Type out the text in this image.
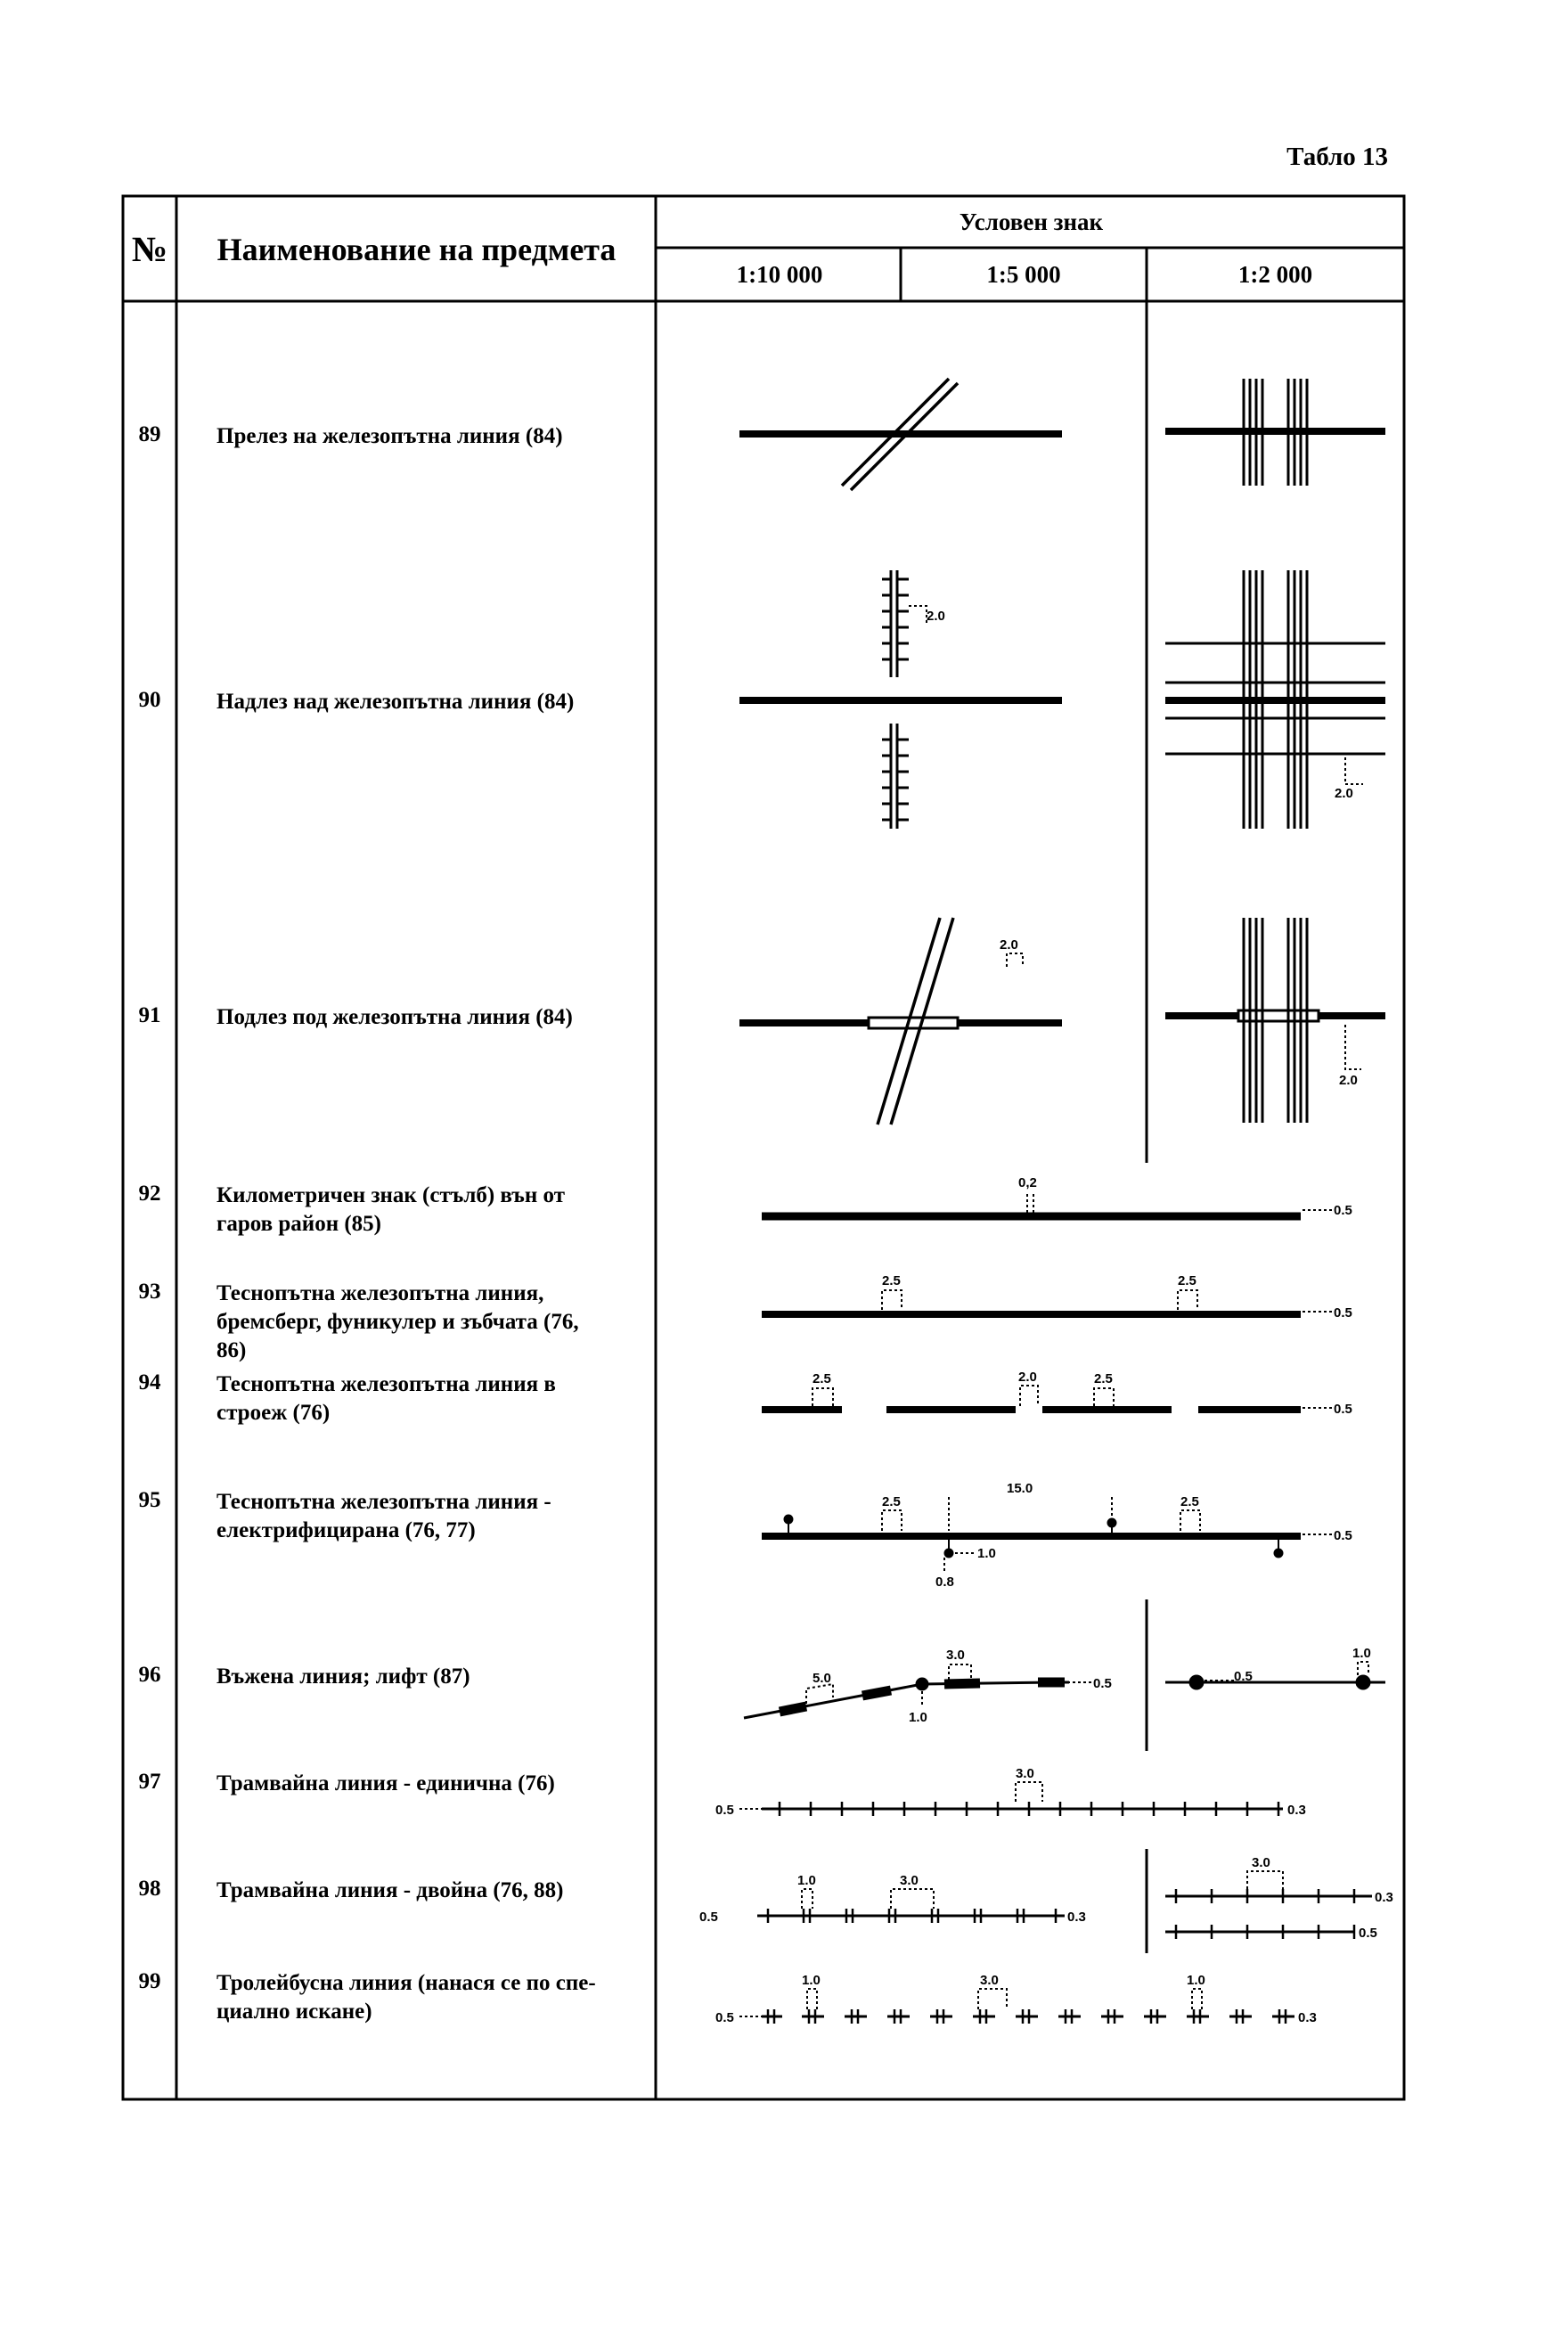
Табло 13
2.0
2.0
2.0
2.0
0,2
0.5
2.5	2.5
0.5
2.5	2.0	2.5
0.5
2.5
15.0
2.5
1.0
0.8
0.5
5.0
3.0
1.0
0.5	0.5
1.0
3.0
0.5	0.3
1.0	3.0
0.5	0.3
3.0
0.3
0.5
1.0	3.0	1.0
0.5	0.3
№	Наименование на предмета
Условен знак
1:10 000	1:5 000	1:2 000
89	Прелез на железопътна линия (84)
90	Надлез над железопътна линия (84)
91	Подлез под железопътна линия (84)
92	Километричен знак (стълб) вън от гаров район (85)
93	Теснопътна железопътна линия, бремсберг, фуникулер и зъбчата (76, 86)
94	Теснопътна железопътна линия в строеж (76)
95	Теснопътна железопътна линия - електрифицирана (76, 77)
96	Въжена линия; лифт (87)
97	Трамвайна линия - единична (76)
98	Трамвайна линия - двойна (76, 88)
99	Тролейбусна линия (нанася се по спе-циално искане)
